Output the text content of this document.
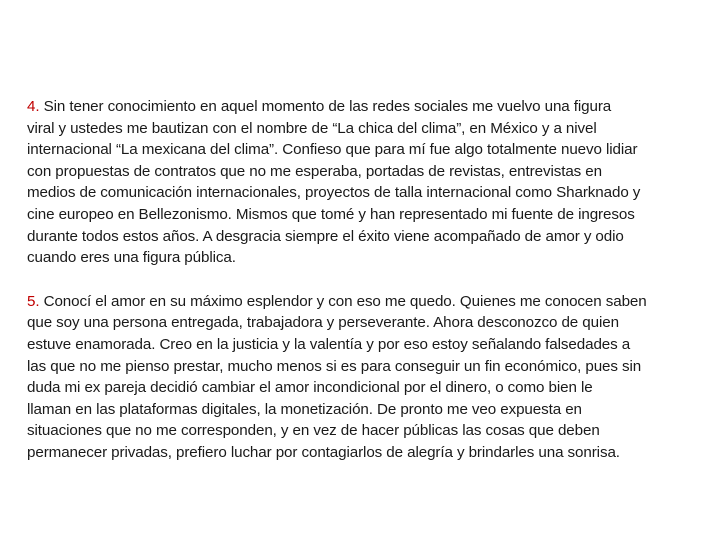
4. Sin tener conocimiento en aquel momento de las redes sociales me vuelvo una figura
viral y ustedes me bautizan con el nombre de “La chica del clima”, en México y a nivel
internacional “La mexicana del clima”. Confieso que para mí fue algo totalmente nuevo lidiar
con propuestas de contratos que no me esperaba, portadas de revistas, entrevistas en
medios de comunicación internacionales, proyectos de talla internacional como Sharknado y
cine europeo en Bellezonismo. Mismos que tomé y han representado mi fuente de ingresos
durante todos estos años. A desgracia siempre el éxito viene acompañado de amor y odio
cuando eres una figura pública.

5. Conocí el amor en su máximo esplendor y con eso me quedo. Quienes me conocen saben
que soy una persona entregada, trabajadora y perseverante. Ahora desconozco de quien
estuve enamorada. Creo en la justicia y la valentía y por eso estoy señalando falsedades a
las que no me pienso prestar, mucho menos si es para conseguir un fin económico, pues sin
duda mi ex pareja decidió cambiar el amor incondicional por el dinero, o como bien le
llaman en las plataformas digitales, la monetización. De pronto me veo expuesta en
situaciones que no me corresponden, y en vez de hacer públicas las cosas que deben
permanecer privadas, prefiero luchar por contagiarlos de alegría y brindarles una sonrisa.
